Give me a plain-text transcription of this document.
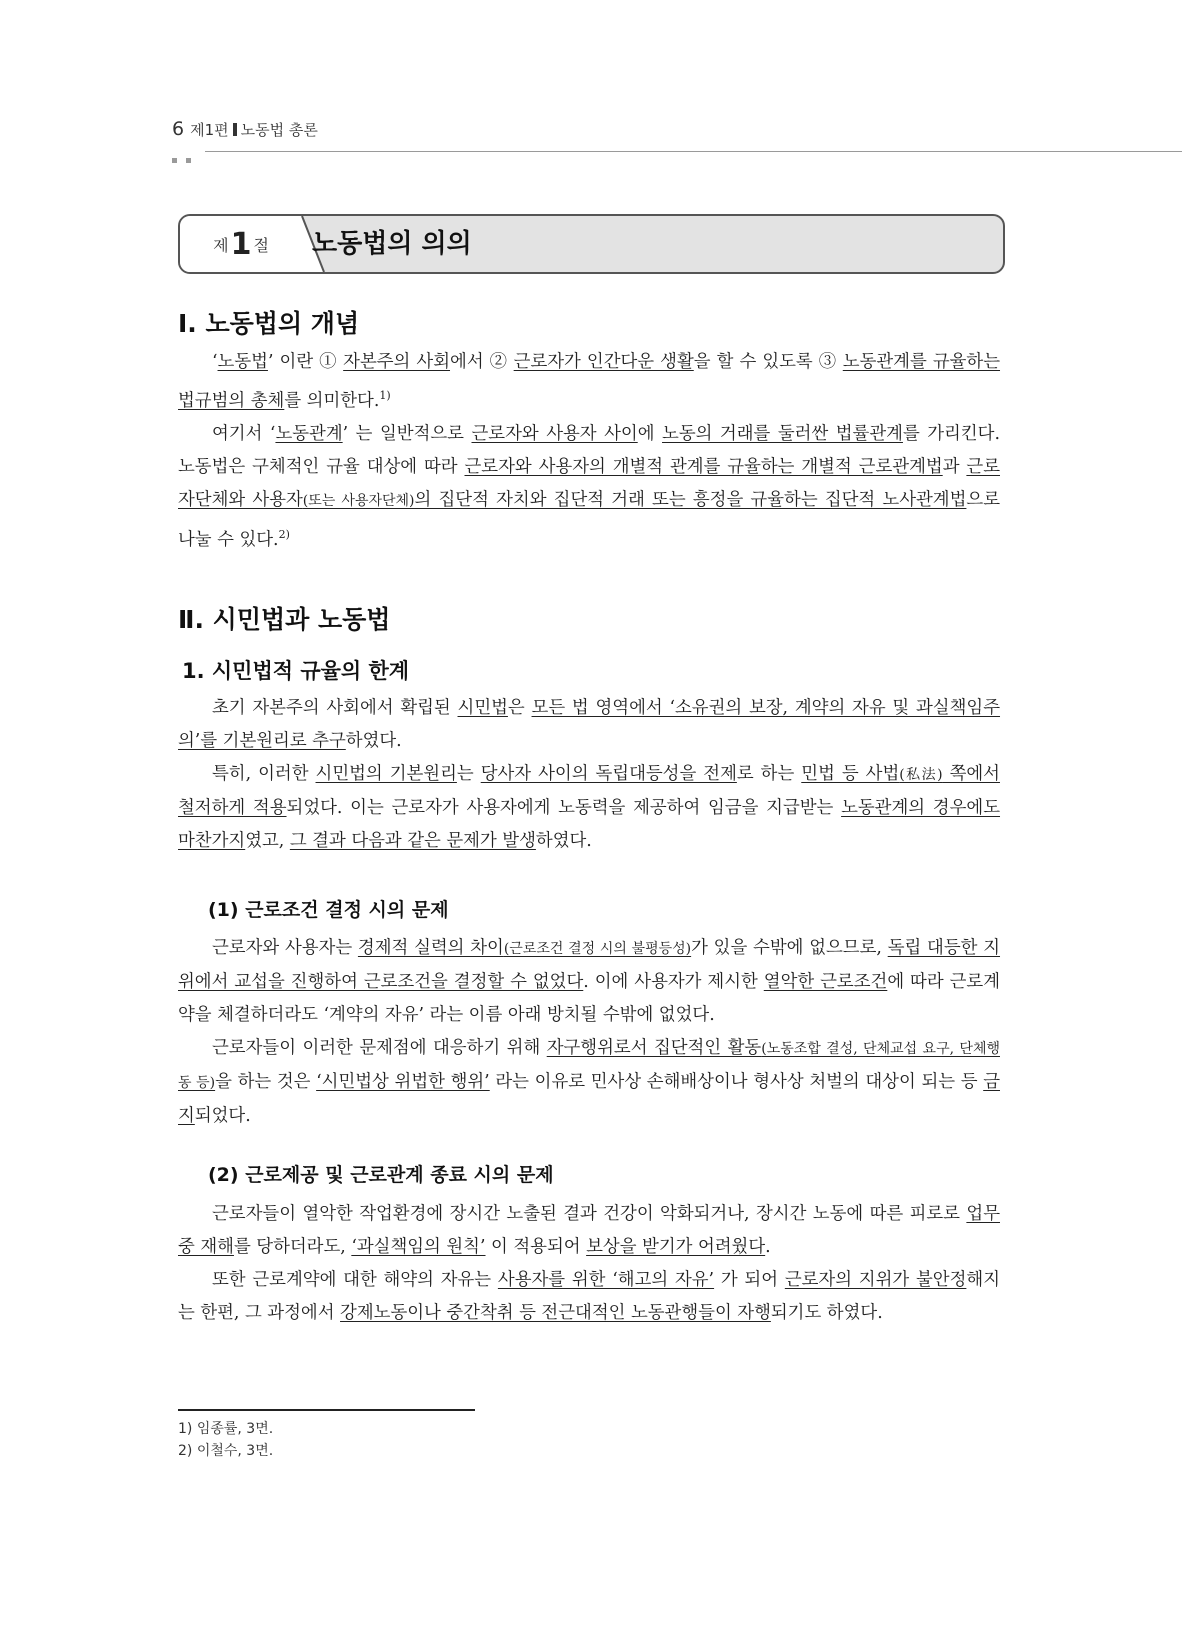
6 제1편 노동법 총론
제 1 절 노동법의 의의
Ⅰ. 노동법의 개념

‘노동법’ 이란 ① 자본주의 사회에서 ② 근로자가 인간다운 생활을 할 수 있도록 ③ 노동관계를 규율하는 법규범의 총체를 의미한다.$^{1)}$

여기서 ‘노동관계’ 는 일반적으로 근로자와 사용자 사이에 노동의 거래를 둘러싼 법률관계를 가리킨다. 노동법은 구체적인 규율 대상에 따라 근로자와 사용자의 개별적 관계를 규율하는 개별적 근로관계법과 근로자단체와 사용자(또는 사용자단체)의 집단적 자치와 집단적 거래 또는 흥정을 규율하는 집단적 노사관계법으로 나눌 수 있다.$^{2)}$

Ⅱ. 시민법과 노동법
1. 시민법적 규율의 한계

초기 자본주의 사회에서 확립된 시민법은 모든 법 영역에서 ‘소유권의 보장, 계약의 자유 및 과실책임주의’를 기본원리로 추구하였다.

특히, 이러한 시민법의 기본원리는 당사자 사이의 독립대등성을 전제로 하는 민법 등 사법(私法) 쪽에서 철저하게 적용되었다. 이는 근로자가 사용자에게 노동력을 제공하여 임금을 지급받는 노동관계의 경우에도 마찬가지였고, 그 결과 다음과 같은 문제가 발생하였다.

(1) 근로조건 결정 시의 문제

근로자와 사용자는 경제적 실력의 차이(근로조건 결정 시의 불평등성)가 있을 수밖에 없으므로, 독립 대등한 지위에서 교섭을 진행하여 근로조건을 결정할 수 없었다. 이에 사용자가 제시한 열악한 근로조건에 따라 근로계약을 체결하더라도 ‘계약의 자유’ 라는 이름 아래 방치될 수밖에 없었다.

근로자들이 이러한 문제점에 대응하기 위해 자구행위로서 집단적인 활동(노동조합 결성, 단체교섭 요구, 단체행동 등)을 하는 것은 ‘시민법상 위법한 행위’ 라는 이유로 민사상 손해배상이나 형사상 처벌의 대상이 되는 등 금지되었다.

(2) 근로제공 및 근로관계 종료 시의 문제

근로자들이 열악한 작업환경에 장시간 노출된 결과 건강이 악화되거나, 장시간 노동에 따른 피로로 업무 중 재해를 당하더라도, ‘과실책임의 원칙’ 이 적용되어 보상을 받기가 어려웠다.

또한 근로계약에 대한 해약의 자유는 사용자를 위한 ‘해고의 자유’ 가 되어 근로자의 지위가 불안정해지는 한편, 그 과정에서 강제노동이나 중간착취 등 전근대적인 노동관행들이 자행되기도 하였다.

1) 임종률, 3면.
2) 이철수, 3면.
